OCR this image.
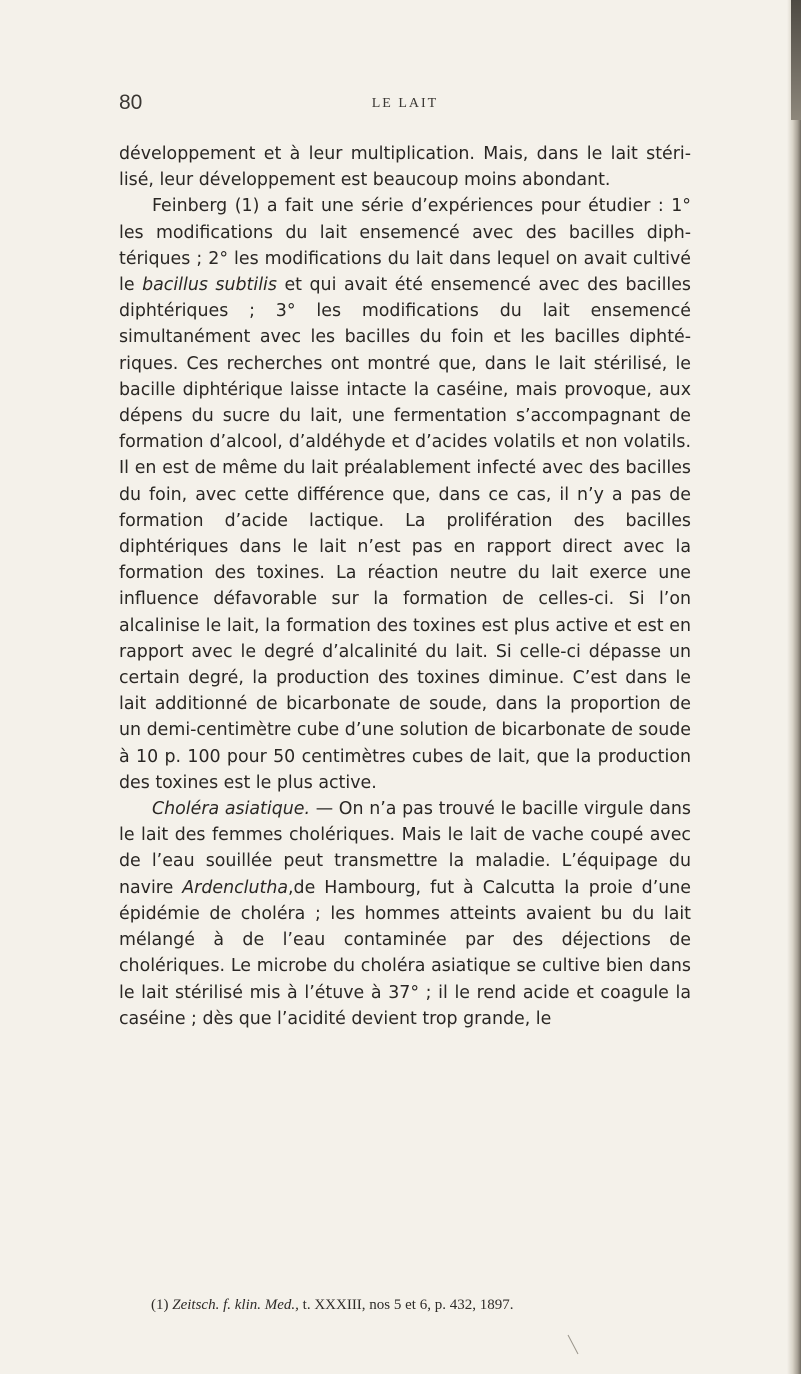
80	LE LAIT

développement et à leur multiplication. Mais, dans le lait stérilisé, leur développement est beaucoup moins abondant.

Feinberg (1) a fait une série d’expériences pour étudier : 1° les modifications du lait ensemencé avec des bacilles diphtériques ; 2° les modifications du lait dans lequel on avait cultivé le bacillus subtilis et qui avait été ensemencé avec des bacilles diphtériques ; 3° les modifications du lait ensemencé simultanément avec les bacilles du foin et les bacilles diphtériques. Ces recherches ont montré que, dans le lait stérilisé, le bacille diphtérique laisse intacte la caséine, mais provoque, aux dépens du sucre du lait, une fermentation s’accompagnant de formation d’alcool, d’aldéhyde et d’acides volatils et non volatils. Il en est de même du lait préalablement infecté avec des bacilles du foin, avec cette différence que, dans ce cas, il n’y a pas de formation d’acide lactique. La prolifération des bacilles diphtériques dans le lait n’est pas en rapport direct avec la formation des toxines. La réaction neutre du lait exerce une influence défavorable sur la formation de celles-ci. Si l’on alcalinise le lait, la formation des toxines est plus active et est en rapport avec le degré d’alcalinité du lait. Si celle-ci dépasse un certain degré, la production des toxines diminue. C’est dans le lait additionné de bicarbonate de soude, dans la proportion de un demi-centimètre cube d’une solution de bicarbonate de soude à 10 p. 100 pour 50 centimètres cubes de lait, que la production des toxines est le plus active.

Choléra asiatique. — On n’a pas trouvé le bacille virgule dans le lait des femmes cholériques. Mais le lait de vache coupé avec de l’eau souillée peut transmettre la maladie. L’équipage du navire Ardenclutha,de Hambourg, fut à Calcutta la proie d’une épidémie de choléra ; les hommes atteints avaient bu du lait mélangé à de l’eau contaminée par des déjections de cholériques. Le microbe du choléra asiatique se cultive bien dans le lait stérilisé mis à l’étuve à 37° ; il le rend acide et coagule la caséine ; dès que l’acidité devient trop grande, le

(1) Zeitsch. f. klin. Med., t. XXXIII, nos 5 et 6, p. 432, 1897.
